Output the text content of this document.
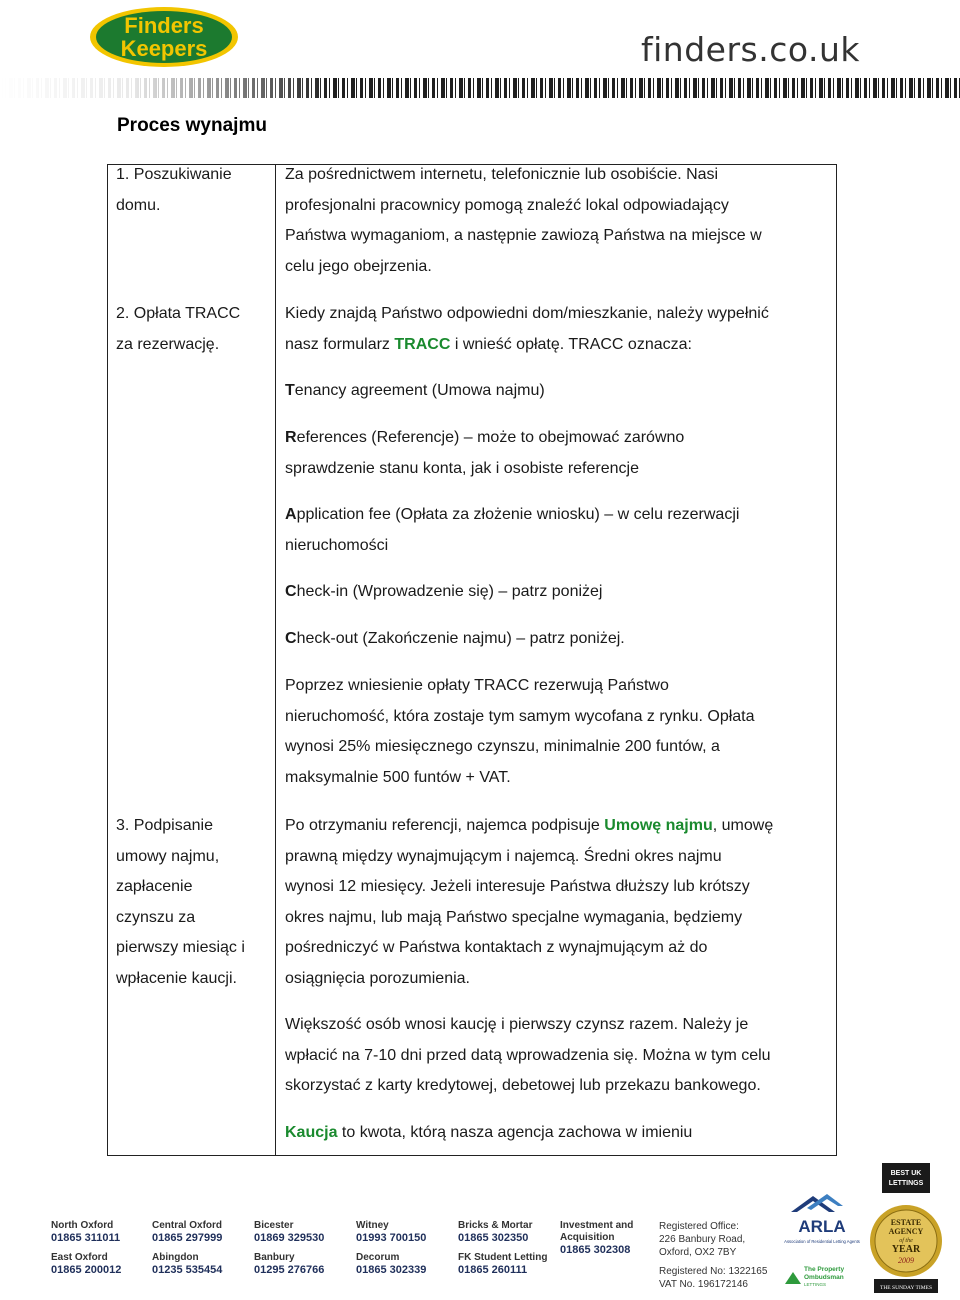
Finders
Keepers	finders.co.uk
Proces wynajmu
1. Poszukiwanie
domu.
Za pośrednictwem internetu, telefonicznie lub osobiście. Nasi
profesjonalni pracownicy pomogą znaleźć lokal odpowiadający
Państwa wymaganiom, a następnie zawiozą Państwa na miejsce w
celu jego obejrzenia.
2. Opłata TRACC
za rezerwację.
Kiedy znajdą Państwo odpowiedni dom/mieszkanie, należy wypełnić
nasz formularz TRACC i wnieść opłatę. TRACC oznacza:
Tenancy agreement (Umowa najmu)
References (Referencje) – może to obejmować zarówno
sprawdzenie stanu konta, jak i osobiste referencje
Application fee (Opłata za złożenie wniosku) – w celu rezerwacji
nieruchomości
Check-in (Wprowadzenie się) – patrz poniżej
Check-out (Zakończenie najmu) – patrz poniżej.
Poprzez wniesienie opłaty TRACC rezerwują Państwo
nieruchomość, która zostaje tym samym wycofana z rynku. Opłata
wynosi 25% miesięcznego czynszu, minimalnie 200 funtów, a
maksymalnie 500 funtów + VAT.
3. Podpisanie
umowy najmu,
zapłacenie
czynszu za
pierwszy miesiąc i
wpłacenie kaucji.
Po otrzymaniu referencji, najemca podpisuje Umowę najmu, umowę
prawną między wynajmującym i najemcą. Średni okres najmu
wynosi 12 miesięcy. Jeżeli interesuje Państwa dłuższy lub krótszy
okres najmu, lub mają Państwo specjalne wymagania, będziemy
pośredniczyć w Państwa kontaktach z wynajmującym aż do
osiągnięcia porozumienia.
Większość osób wnosi kaucję i pierwszy czynsz razem. Należy je
wpłacić na 7-10 dni przed datą wprowadzenia się. Można w tym celu
skorzystać z karty kredytowej, debetowej lub przekazu bankowego.
Kaucja to kwota, którą nasza agencja zachowa w imieniu
North Oxford
01865 311011
East Oxford
01865 200012
Central Oxford
01865 297999
Abingdon
01235 535454
Bicester
01869 329530
Banbury
01295 276766
Witney
01993 700150
Decorum
01865 302339
Bricks & Mortar
01865 302350
FK Student Letting
01865 260111
Investment and
Acquisition
01865 302308
Registered Office:
226 Banbury Road,
Oxford, OX2 7BY
Registered No: 1322165
VAT No. 196172146
ARLA
Association of Residential Letting Agents
The Property
Ombudsman
LETTINGS
BEST UK
LETTINGS
ESTATE
AGENCY
of the
YEAR
2009
THE SUNDAY TIMES
